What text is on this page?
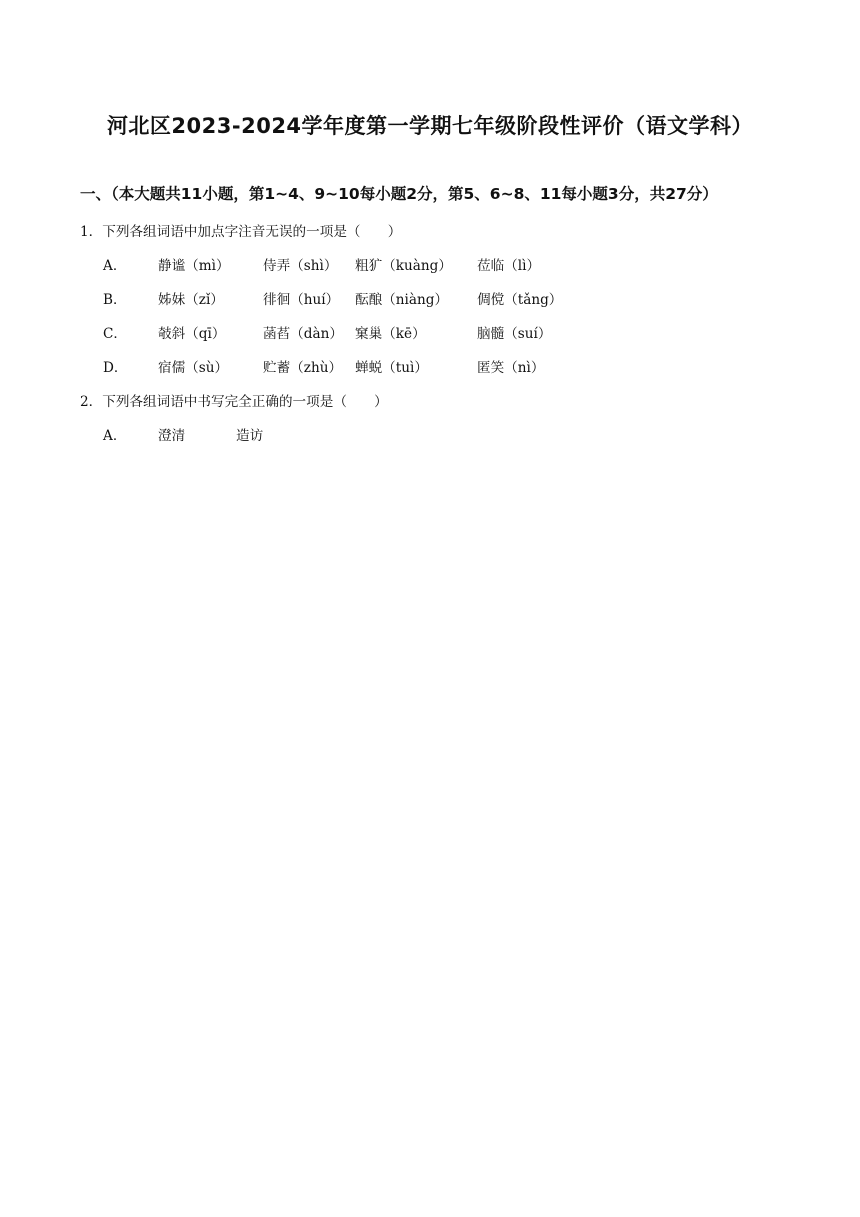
河北区2023-2024学年度第一学期七年级阶段性评价（语文学科）
一、（本大题共11小题，第1~4、9~10每小题2分，第5、6~8、11每小题3分，共27分）
1．下列各组词语中加点字注音无误的一项是（　　）
A． 静谧（mì） 侍弄（shì） 粗犷（kuàng） 莅临（lì）
B． 姊妹（zǐ）	徘徊（huí） 酝酿（niàng） 倜傥（tǎng）
C． 攲斜（qī）	菡萏（dàn） 窠巢（kē）	脑髓（suí）
D． 宿儒（sù）	贮蓄（zhù） 蝉蜕（tuì）	匿笑（nì）
2．下列各组词语中书写完全正确的一项是（　　）
A． 澄清	造访
